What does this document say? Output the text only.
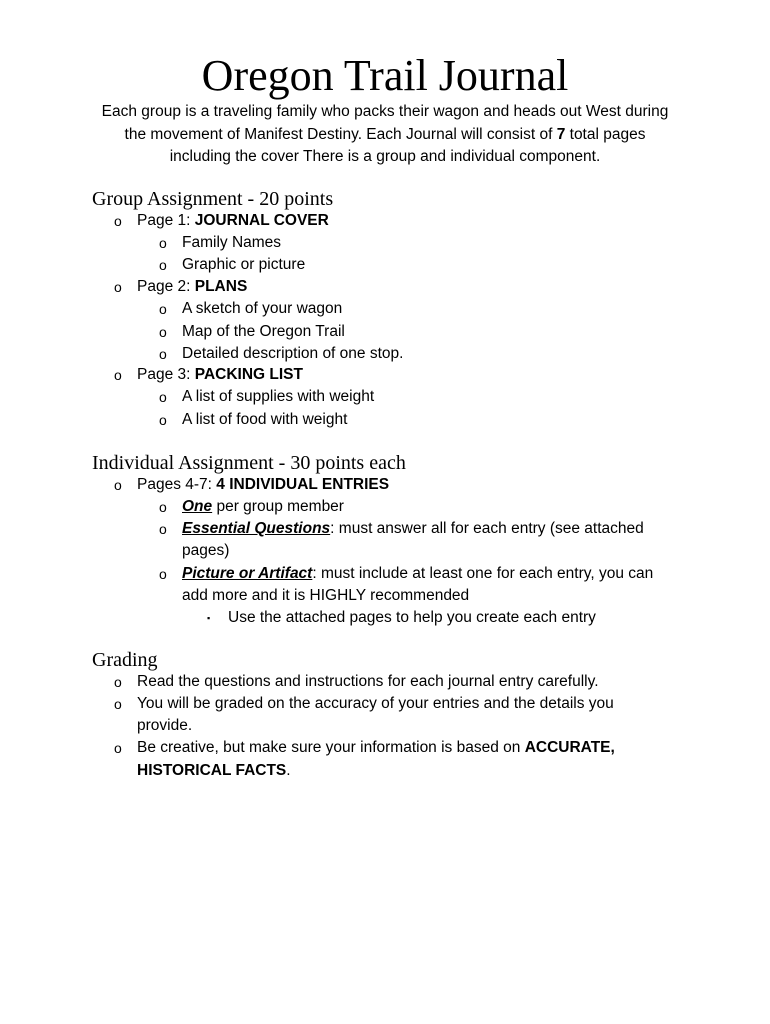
Oregon Trail Journal
Each group is a traveling family who packs their wagon and heads out West during
the movement of Manifest Destiny. Each Journal will consist of 7 total pages
including the cover There is a group and individual component.
Group Assignment - 20 points
o Page 1: JOURNAL COVER
o Family Names
o Graphic or picture
o Page 2: PLANS
o A sketch of your wagon
o Map of the Oregon Trail
o Detailed description of one stop.
o Page 3: PACKING LIST
o A list of supplies with weight
o A list of food with weight
Individual Assignment - 30 points each
o Pages 4-7: 4 INDIVIDUAL ENTRIES
o One per group member
o Essential Questions: must answer all for each entry (see attached
pages)
o Picture or Artifact: must include at least one for each entry, you can
add more and it is HIGHLY recommended
▪ Use the attached pages to help you create each entry
Grading
o Read the questions and instructions for each journal entry carefully.
o You will be graded on the accuracy of your entries and the details you
provide.
o Be creative, but make sure your information is based on ACCURATE,
HISTORICAL FACTS.
